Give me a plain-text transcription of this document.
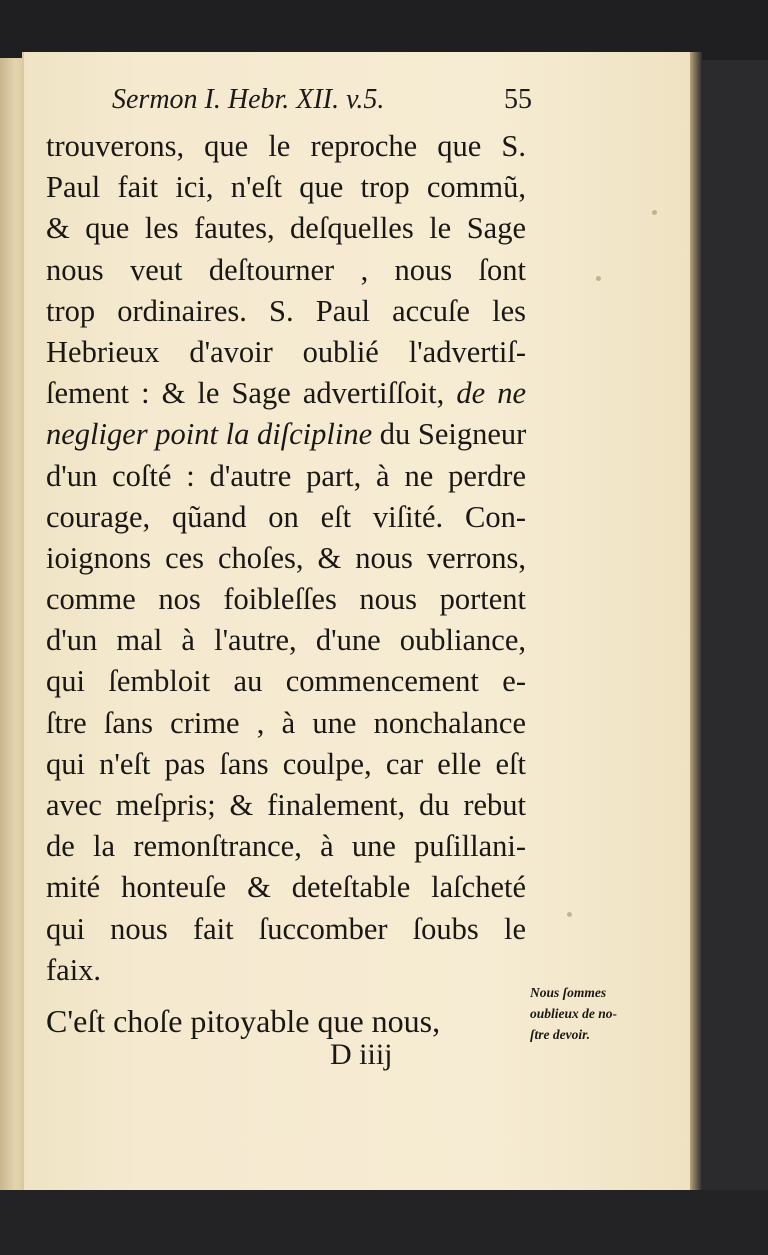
Sermon I. Hebr. XII. v.5.	55
trouverons, que le reproche que S.
Paul fait ici, n'eſt que trop commũ,
& que les fautes, deſquelles le Sage
nous veut deſtourner , nous ſont
trop ordinaires. S. Paul accuſe les
Hebrieux d'avoir oublié l'advertiſ-
ſement : & le Sage advertiſſoit, de ne
negliger point la diſcipline du Seigneur
d'un coſté : d'autre part, à ne perdre
courage, qũand on eſt viſité. Con-
ioignons ces choſes, & nous verrons,
comme nos foibleſſes nous portent
d'un mal à l'autre, d'une oubliance,
qui ſembloit au commencement e-
ſtre ſans crime , à une nonchalance
qui n'eſt pas ſans coulpe, car elle eſt
avec meſpris; & finalement, du rebut
de la remonſtrance, à une puſillani-
mité honteuſe & deteſtable laſcheté
qui nous fait ſuccomber ſoubs le
faix.
C'eſt choſe pitoyable que nous,
Nous ſommes
oublieux de no-
ſtre devoir.
D iiij
